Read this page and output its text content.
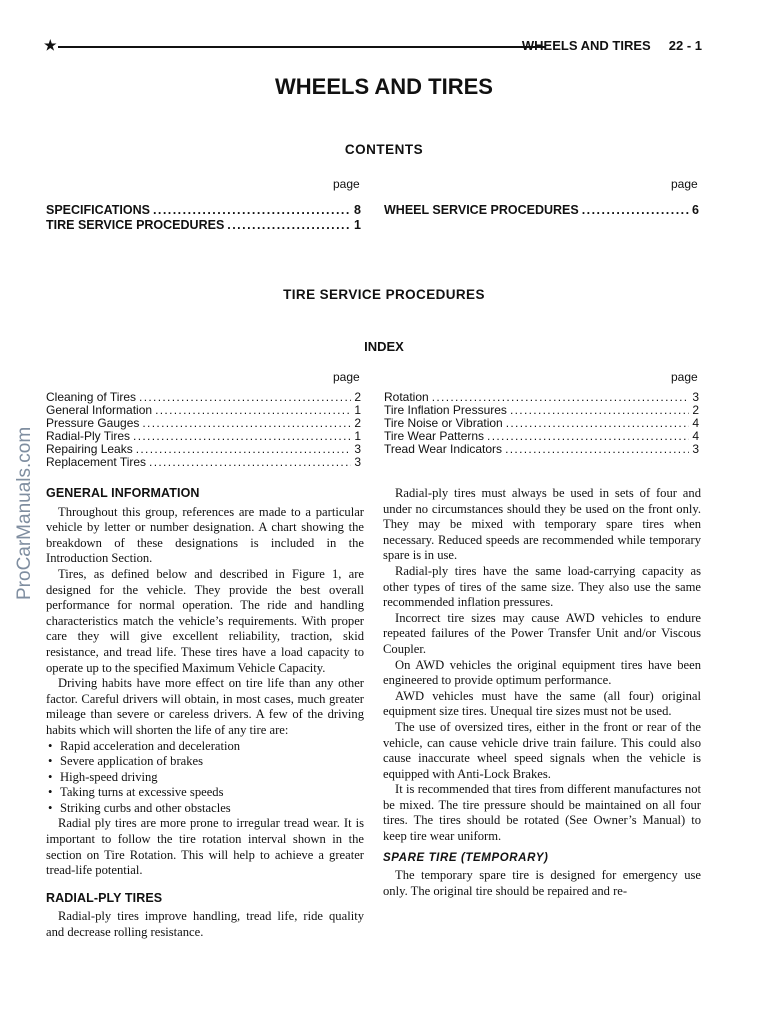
★	WHEELS AND TIRES 22 - 1
WHEELS AND TIRES
CONTENTS
page	page
SPECIFICATIONS . . .	8
TIRE SERVICE PROCEDURES . . .	1
WHEEL SERVICE PROCEDURES . . .	6
TIRE SERVICE PROCEDURES
INDEX
page	page
Cleaning of Tires . . .	2
General Information . . .	1
Pressure Gauges . . .	2
Radial-Ply Tires . . .	1
Repairing Leaks . . .	3
Replacement Tires . . .	3
Rotation . . .	3
Tire Inflation Pressures . . .	2
Tire Noise or Vibration . . .	4
Tire Wear Patterns . . .	4
Tread Wear Indicators . . .	3
GENERAL INFORMATION

Throughout this group, references are made to a particular vehicle by letter or number designation. A chart showing the breakdown of these designations is included in the Introduction Section.

Tires, as defined below and described in Figure 1, are designed for the vehicle. They provide the best overall performance for normal operation. The ride and handling characteristics match the vehicle’s requirements. With proper care they will give excellent reliability, traction, skid resistance, and tread life. These tires have a load capacity to operate up to the specified Maximum Vehicle Capacity.

Driving habits have more effect on tire life than any other factor. Careful drivers will obtain, in most cases, much greater mileage than severe or careless drivers. A few of the driving habits which will shorten the life of any tire are:

• Rapid acceleration and deceleration
• Severe application of brakes
• High-speed driving
• Taking turns at excessive speeds
• Striking curbs and other obstacles

Radial ply tires are more prone to irregular tread wear. It is important to follow the tire rotation interval shown in the section on Tire Rotation. This will help to achieve a greater tread-life potential.

RADIAL-PLY TIRES

Radial-ply tires improve handling, tread life, ride quality and decrease rolling resistance.

Radial-ply tires must always be used in sets of four and under no circumstances should they be used on the front only. They may be mixed with temporary spare tires when necessary. Reduced speeds are recommended while temporary spare is in use.

Radial-ply tires have the same load-carrying capacity as other types of tires of the same size. They also use the same recommended inflation pressures.

Incorrect tire sizes may cause AWD vehicles to endure repeated failures of the Power Transfer Unit and/or Viscous Coupler.

On AWD vehicles the original equipment tires have been engineered to provide optimum performance.

AWD vehicles must have the same (all four) original equipment size tires. Unequal tire sizes must not be used.

The use of oversized tires, either in the front or rear of the vehicle, can cause vehicle drive train failure. This could also cause inaccurate wheel speed signals when the vehicle is equipped with Anti-Lock Brakes.

It is recommended that tires from different manufactures not be mixed. The tire pressure should be maintained on all four tires. The tires should be rotated (See Owner’s Manual) to keep tire wear uniform.

SPARE TIRE (TEMPORARY)

The temporary spare tire is designed for emergency use only. The original tire should be repaired and re-

ProCarManuals.com
